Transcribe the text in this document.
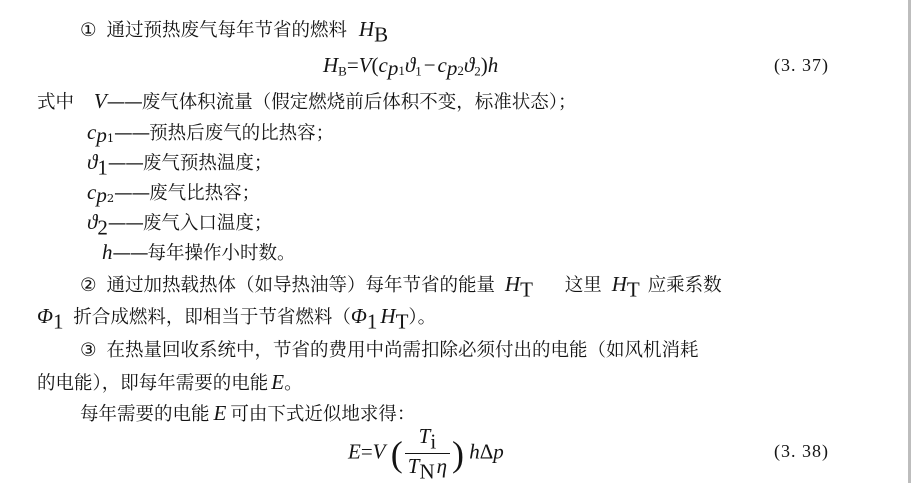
① 通过预热废气每年节省的燃料 HB
$H_B=V(c_{p1}ϑ_1-c_{p2}ϑ_2)h$	(3. 37)
式中 V——废气体积流量（假定燃烧前后体积不变，标准状态）；
$c_{p1}——$预热后废气的比热容；
ϑ1——废气预热温度；
$c_{p2}——$废气比热容；
ϑ2——废气入口温度；
h——每年操作小时数。
② 通过加热载热体（如导热油等）每年节省的能量 HT 这里 HT 应乘系数
Φ1 折合成燃料，即相当于节省燃料（Φ1 HT）。
③ 在热量回收系统中，节省的费用中尚需扣除必须付出的电能（如风机消耗
的电能），即每年需要的电能 E。
每年需要的电能 E 可由下式近似地求得：
E=V ( $\frac{Ti}{\text{TNη}}$ ) hΔp	(3. 38)
